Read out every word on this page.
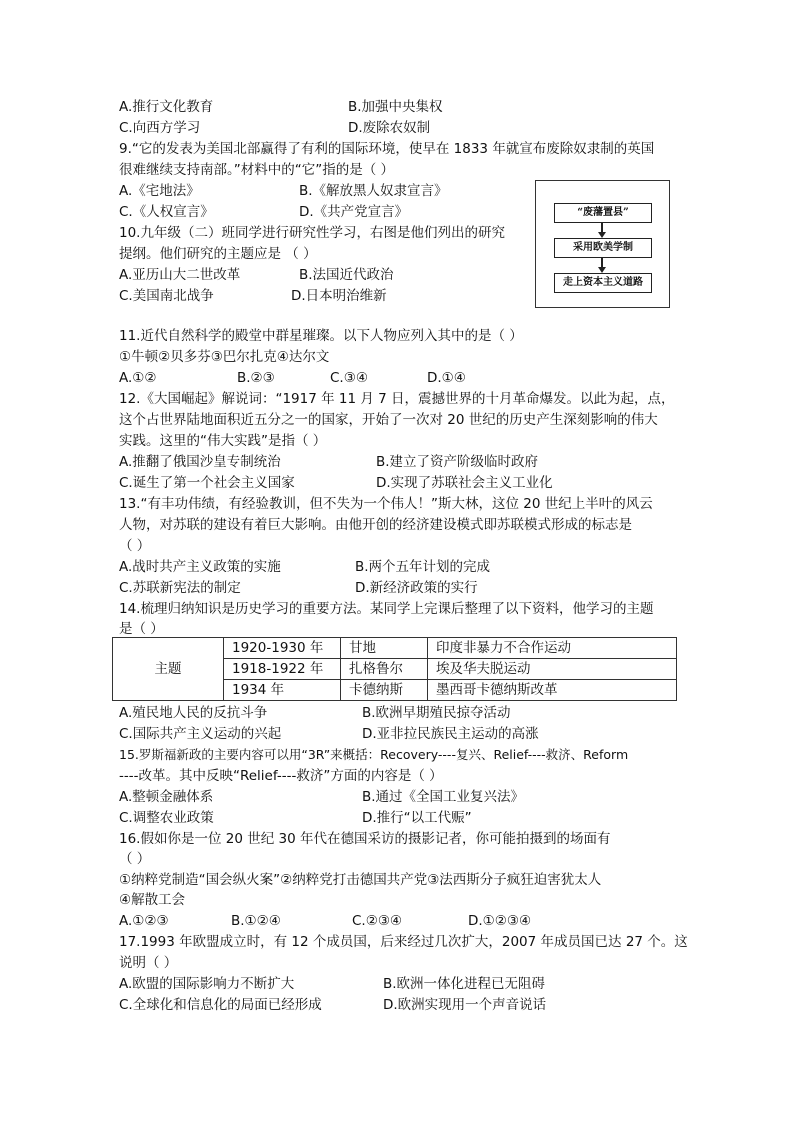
A.推行文化教育	B.加强中央集权
C.向西方学习	D.废除农奴制
9.“它的发表为美国北部赢得了有利的国际环境，使早在 1833 年就宣布废除奴隶制的英国
很难继续支持南部。”材料中的“它”指的是（ ）
A.《宅地法》	B.《解放黑人奴隶宣言》
C.《人权宣言》	D.《共产党宣言》	“废藩置县”
采用欧美学制
走上资本主义道路
10.九年级（二）班同学进行研究性学习，右图是他们列出的研究
提纲。他们研究的主题应是 （ ）
A.亚历山大二世改革	B.法国近代政治
C.美国南北战争	D.日本明治维新
11.近代自然科学的殿堂中群星璀璨。以下人物应列入其中的是（ ）
①牛顿②贝多芬③巴尔扎克④达尔文
A.①②	B.②③	C.③④	D.①④
12.《大国崛起》解说词：“1917 年 11 月 7 日，震撼世界的十月革命爆发。以此为起，点，
这个占世界陆地面积近五分之一的国家，开始了一次对 20 世纪的历史产生深刻影响的伟大
实践。这里的“伟大实践”是指（ ）
A.推翻了俄国沙皇专制统治	B.建立了资产阶级临时政府
C.诞生了第一个社会主义国家	D.实现了苏联社会主义工业化
13.“有丰功伟绩，有经验教训，但不失为一个伟人！”斯大林，这位 20 世纪上半叶的风云
人物，对苏联的建设有着巨大影响。由他开创的经济建设模式即苏联模式形成的标志是
（ ）
A.战时共产主义政策的实施	B.两个五年计划的完成
C.苏联新宪法的制定	D.新经济政策的实行
14.梳理归纳知识是历史学习的重要方法。某同学上完课后整理了以下资料，他学习的主题
是（ ）
主题	1920-1930 年	甘地	印度非暴力不合作运动
	1918-1922 年	扎格鲁尔	埃及华夫脱运动
	1934 年	卡德纳斯	墨西哥卡德纳斯改革
A.殖民地人民的反抗斗争	B.欧洲早期殖民掠夺活动
C.国际共产主义运动的兴起	D.亚非拉民族民主运动的高涨
15.罗斯福新政的主要内容可以用“3R”来概括：Recovery----复兴、Relief----救济、Reform
----改革。其中反映“Relief----救济”方面的内容是（ ）
A.整顿金融体系	B.通过《全国工业复兴法》
C.调整农业政策	D.推行“以工代赈”
16.假如你是一位 20 世纪 30 年代在德国采访的摄影记者，你可能拍摄到的场面有
（ ）
①纳粹党制造“国会纵火案”②纳粹党打击德国共产党③法西斯分子疯狂迫害犹太人
④解散工会
A.①②③	B.①②④	C.②③④	D.①②③④
17.1993 年欧盟成立时，有 12 个成员国，后来经过几次扩大，2007 年成员国已达 27 个。这
说明（ ）
A.欧盟的国际影响力不断扩大	B.欧洲一体化进程已无阻碍
C.全球化和信息化的局面已经形成	D.欧洲实现用一个声音说话
